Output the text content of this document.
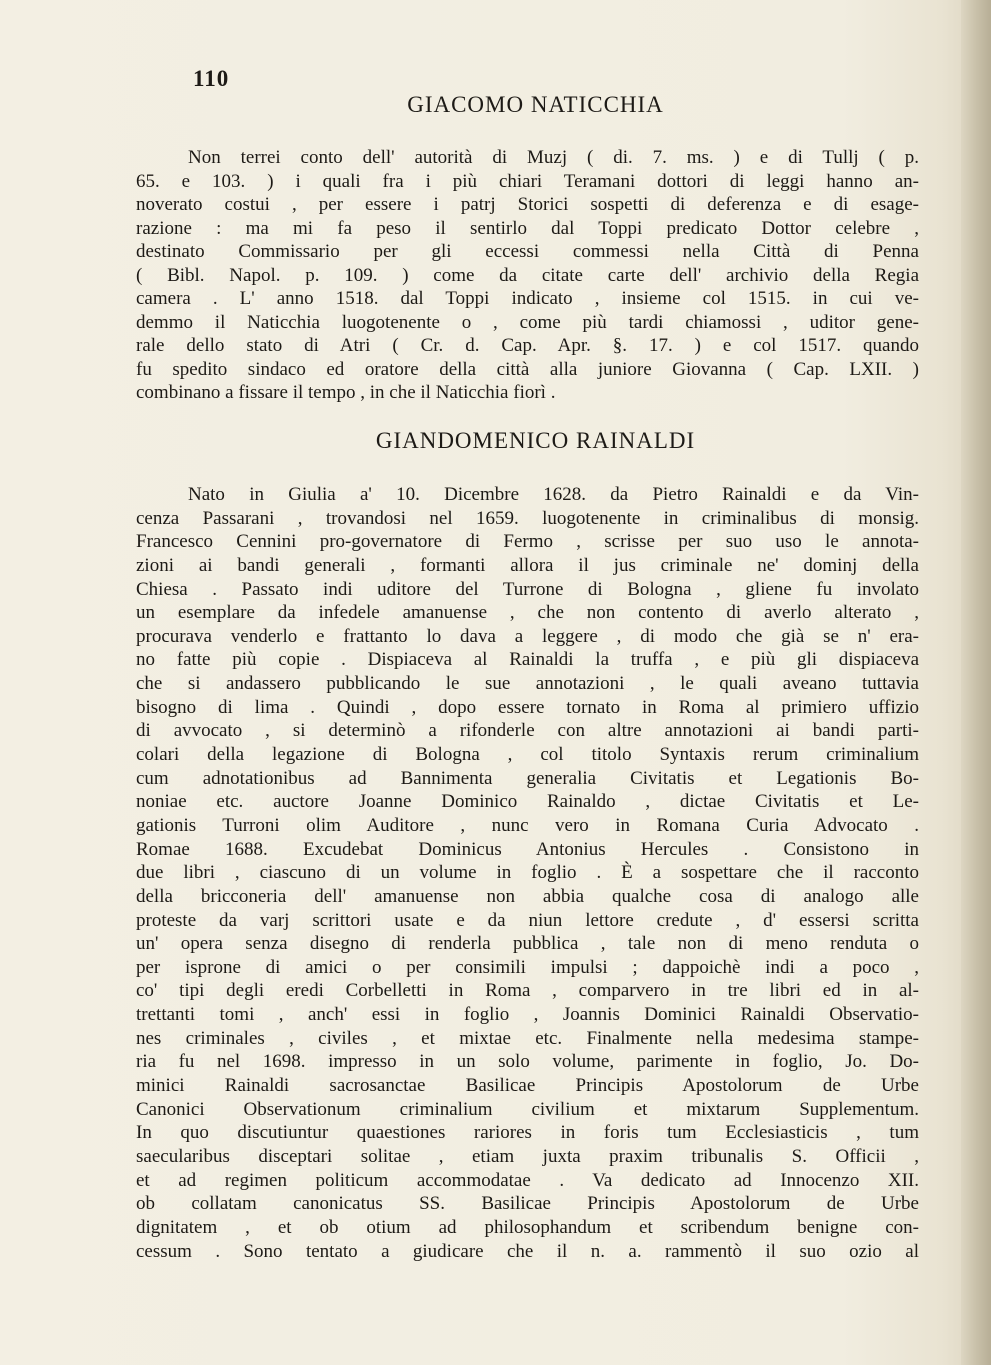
110
GIACOMO NATICCHIA
Non terrei conto dell' autorità di Muzj ( di. 7. ms. ) e di Tullj ( p.
65. e 103. ) i quali fra i più chiari Teramani dottori di leggi hanno an-
noverato costui , per essere i patrj Storici sospetti di deferenza e di esage-
razione : ma mi fa peso il sentirlo dal Toppi predicato Dottor celebre ,
destinato Commissario per gli eccessi commessi nella Città di Penna
( Bibl. Napol. p. 109. ) come da citate carte dell' archivio della Regia
camera . L' anno 1518. dal Toppi indicato , insieme col 1515. in cui ve-
demmo il Naticchia luogotenente o , come più tardi chiamossi , uditor gene-
rale dello stato di Atri ( Cr. d. Cap. Apr. §. 17. ) e col 1517. quando
fu spedito sindaco ed oratore della città alla juniore Giovanna ( Cap. LXII. )
combinano a fissare il tempo , in che il Naticchia fiorì .
GIANDOMENICO RAINALDI
Nato in Giulia a' 10. Dicembre 1628. da Pietro Rainaldi e da Vin-
cenza Passarani , trovandosi nel 1659. luogotenente in criminalibus di monsig.
Francesco Cennini pro-governatore di Fermo , scrisse per suo uso le annota-
zioni ai bandi generali , formanti allora il jus criminale ne' dominj della
Chiesa . Passato indi uditore del Turrone di Bologna , gliene fu involato
un esemplare da infedele amanuense , che non contento di averlo alterato ,
procurava venderlo e frattanto lo dava a leggere , di modo che già se n' era-
no fatte più copie . Dispiaceva al Rainaldi la truffa , e più gli dispiaceva
che si andassero pubblicando le sue annotazioni , le quali aveano tuttavia
bisogno di lima . Quindi , dopo essere tornato in Roma al primiero uffizio
di avvocato , si determinò a rifonderle con altre annotazioni ai bandi parti-
colari della legazione di Bologna , col titolo Syntaxis rerum criminalium
cum adnotationibus ad Bannimenta generalia Civitatis et Legationis Bo-
noniae etc. auctore Joanne Dominico Rainaldo , dictae Civitatis et Le-
gationis Turroni olim Auditore , nunc vero in Romana Curia Advocato .
Romae 1688. Excudebat Dominicus Antonius Hercules . Consistono in
due libri , ciascuno di un volume in foglio . È a sospettare che il racconto
della bricconeria dell' amanuense non abbia qualche cosa di analogo alle
proteste da varj scrittori usate e da niun lettore credute , d' essersi scritta
un' opera senza disegno di renderla pubblica , tale non di meno renduta o
per isprone di amici o per consimili impulsi ; dappoichè indi a poco ,
co' tipi degli eredi Corbelletti in Roma , comparvero in tre libri ed in al-
trettanti tomi , anch' essi in foglio , Joannis Dominici Rainaldi Observatio-
nes criminales , civiles , et mixtae etc. Finalmente nella medesima stampe-
ria fu nel 1698. impresso in un solo volume, parimente in foglio, Jo. Do-
minici Rainaldi sacrosanctae Basilicae Principis Apostolorum de Urbe
Canonici Observationum criminalium civilium et mixtarum Supplementum.
In quo discutiuntur quaestiones rariores in foris tum Ecclesiasticis , tum
saecularibus disceptari solitae , etiam juxta praxim tribunalis S. Officii ,
et ad regimen politicum accommodatae . Va dedicato ad Innocenzo XII.
ob collatam canonicatus SS. Basilicae Principis Apostolorum de Urbe
dignitatem , et ob otium ad philosophandum et scribendum benigne con-
cessum . Sono tentato a giudicare che il n. a. rammentò il suo ozio al
